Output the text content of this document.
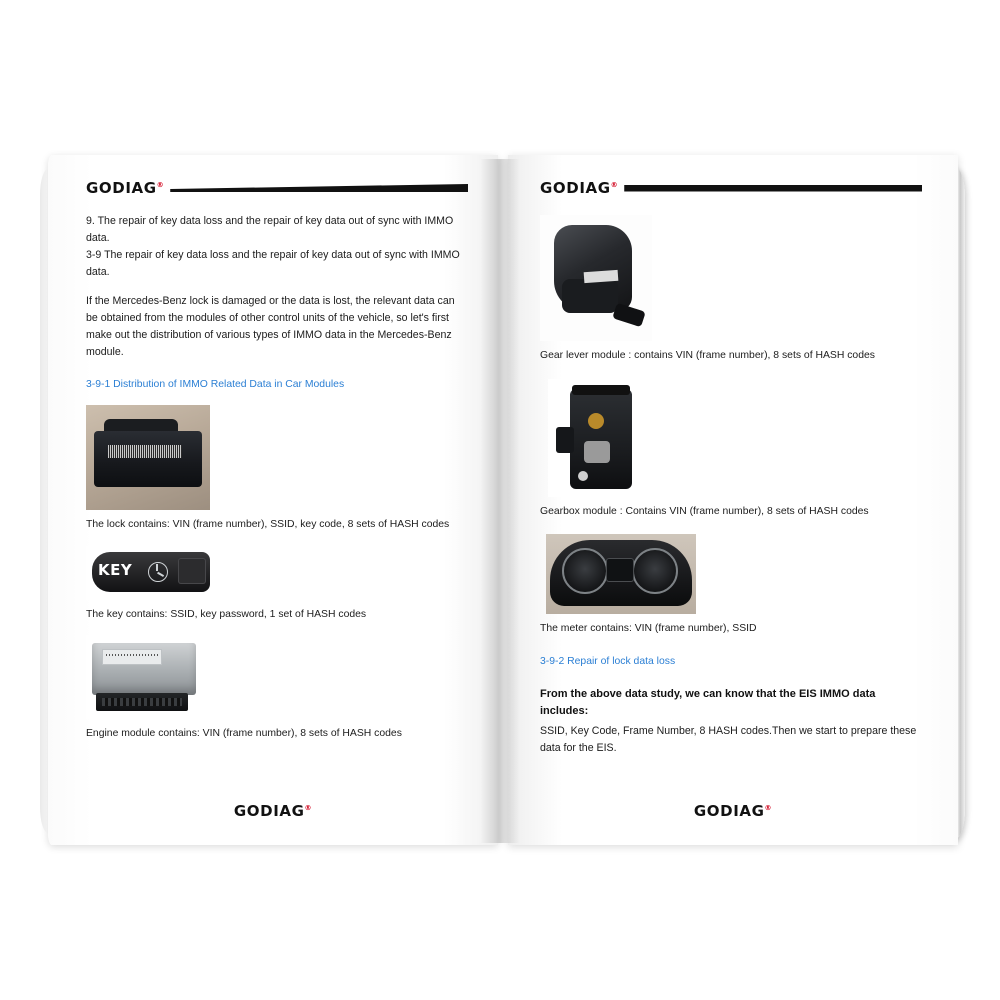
GODIAG®
9. The repair of key data loss and the repair of key data out of sync with IMMO data.
3-9 The repair of key data loss and the repair of key data out of sync with IMMO data.
If the Mercedes-Benz lock is damaged or the data is lost, the relevant data can be obtained from the modules of other control units of the vehicle, so let's first make out the distribution of various types of IMMO data in the Mercedes-Benz module.
3-9-1 Distribution of IMMO Related Data in Car Modules
The lock contains: VIN (frame number), SSID, key code, 8 sets of HASH codes
KEY
The key contains: SSID, key password, 1 set of HASH codes
Engine module contains: VIN (frame number), 8 sets of HASH codes
GODIAG®
GODIAG®
Gear lever module : contains VIN (frame number), 8 sets of HASH codes
Gearbox module : Contains VIN (frame number), 8 sets of HASH codes
The meter contains: VIN (frame number), SSID
3-9-2 Repair of lock data loss
From the above data study, we can know that the EIS IMMO data includes:
SSID, Key Code, Frame Number, 8 HASH codes.Then we start to prepare these data for the EIS.
GODIAG®
